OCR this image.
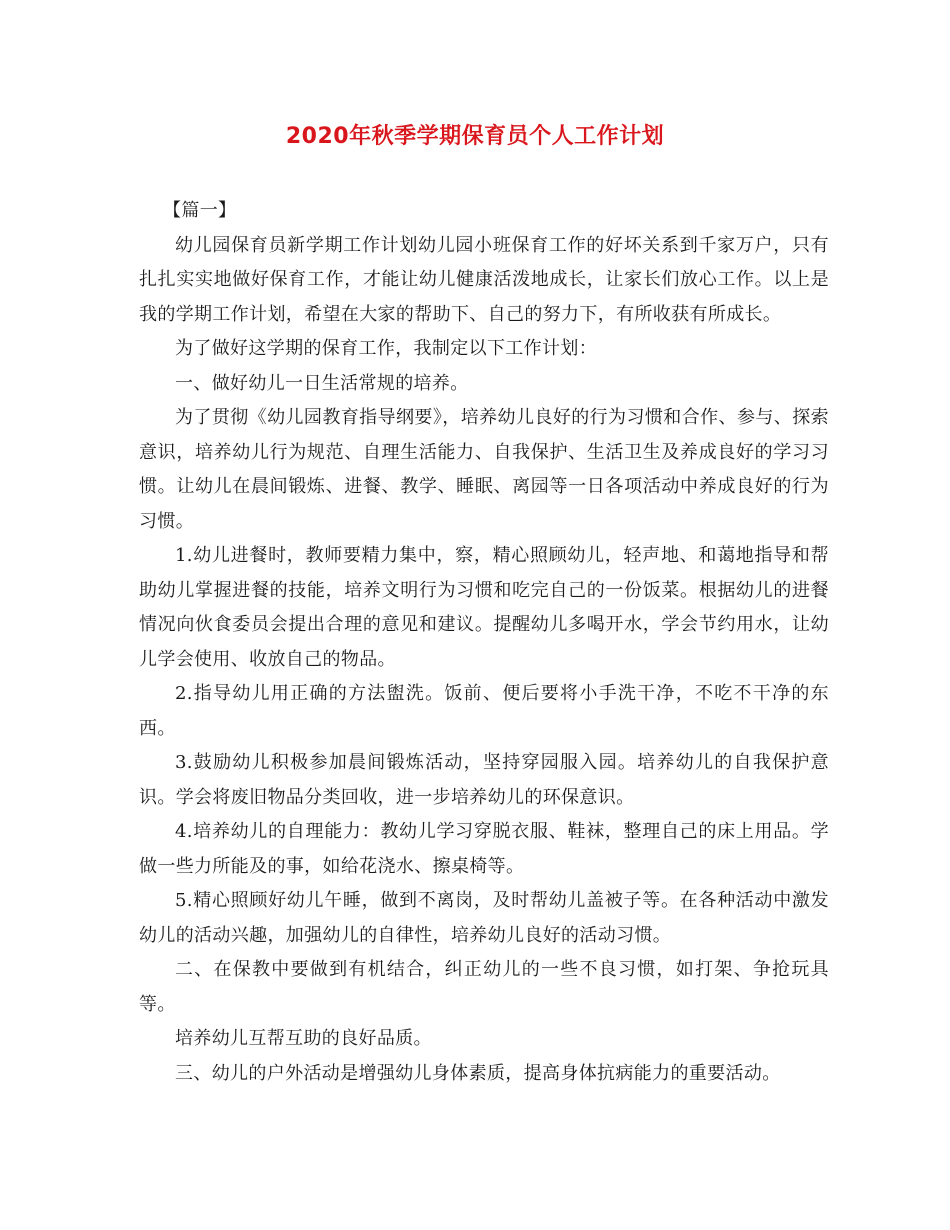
2020年秋季学期保育员个人工作计划

【篇一】

幼儿园保育员新学期工作计划幼儿园小班保育工作的好坏关系到千家万户，只有扎扎实实地做好保育工作，才能让幼儿健康活泼地成长，让家长们放心工作。以上是我的学期工作计划，希望在大家的帮助下、自己的努力下，有所收获有所成长。

为了做好这学期的保育工作，我制定以下工作计划：

一、做好幼儿一日生活常规的培养。

为了贯彻《幼儿园教育指导纲要》，培养幼儿良好的行为习惯和合作、参与、探索意识，培养幼儿行为规范、自理生活能力、自我保护、生活卫生及养成良好的学习习惯。让幼儿在晨间锻炼、进餐、教学、睡眠、离园等一日各项活动中养成良好的行为习惯。

1.幼儿进餐时，教师要精力集中，察，精心照顾幼儿，轻声地、和蔼地指导和帮助幼儿掌握进餐的技能，培养文明行为习惯和吃完自己的一份饭菜。根据幼儿的进餐情况向伙食委员会提出合理的意见和建议。提醒幼儿多喝开水，学会节约用水，让幼儿学会使用、收放自己的物品。

2.指导幼儿用正确的方法盥洗。饭前、便后要将小手洗干净，不吃不干净的东西。

3.鼓励幼儿积极参加晨间锻炼活动，坚持穿园服入园。培养幼儿的自我保护意识。学会将废旧物品分类回收，进一步培养幼儿的环保意识。

4.培养幼儿的自理能力：教幼儿学习穿脱衣服、鞋袜，整理自己的床上用品。学做一些力所能及的事，如给花浇水、擦桌椅等。

5.精心照顾好幼儿午睡，做到不离岗，及时帮幼儿盖被子等。在各种活动中激发幼儿的活动兴趣，加强幼儿的自律性，培养幼儿良好的活动习惯。

二、在保教中要做到有机结合，纠正幼儿的一些不良习惯，如打架、争抢玩具等。

培养幼儿互帮互助的良好品质。

三、幼儿的户外活动是增强幼儿身体素质，提高身体抗病能力的重要活动。
